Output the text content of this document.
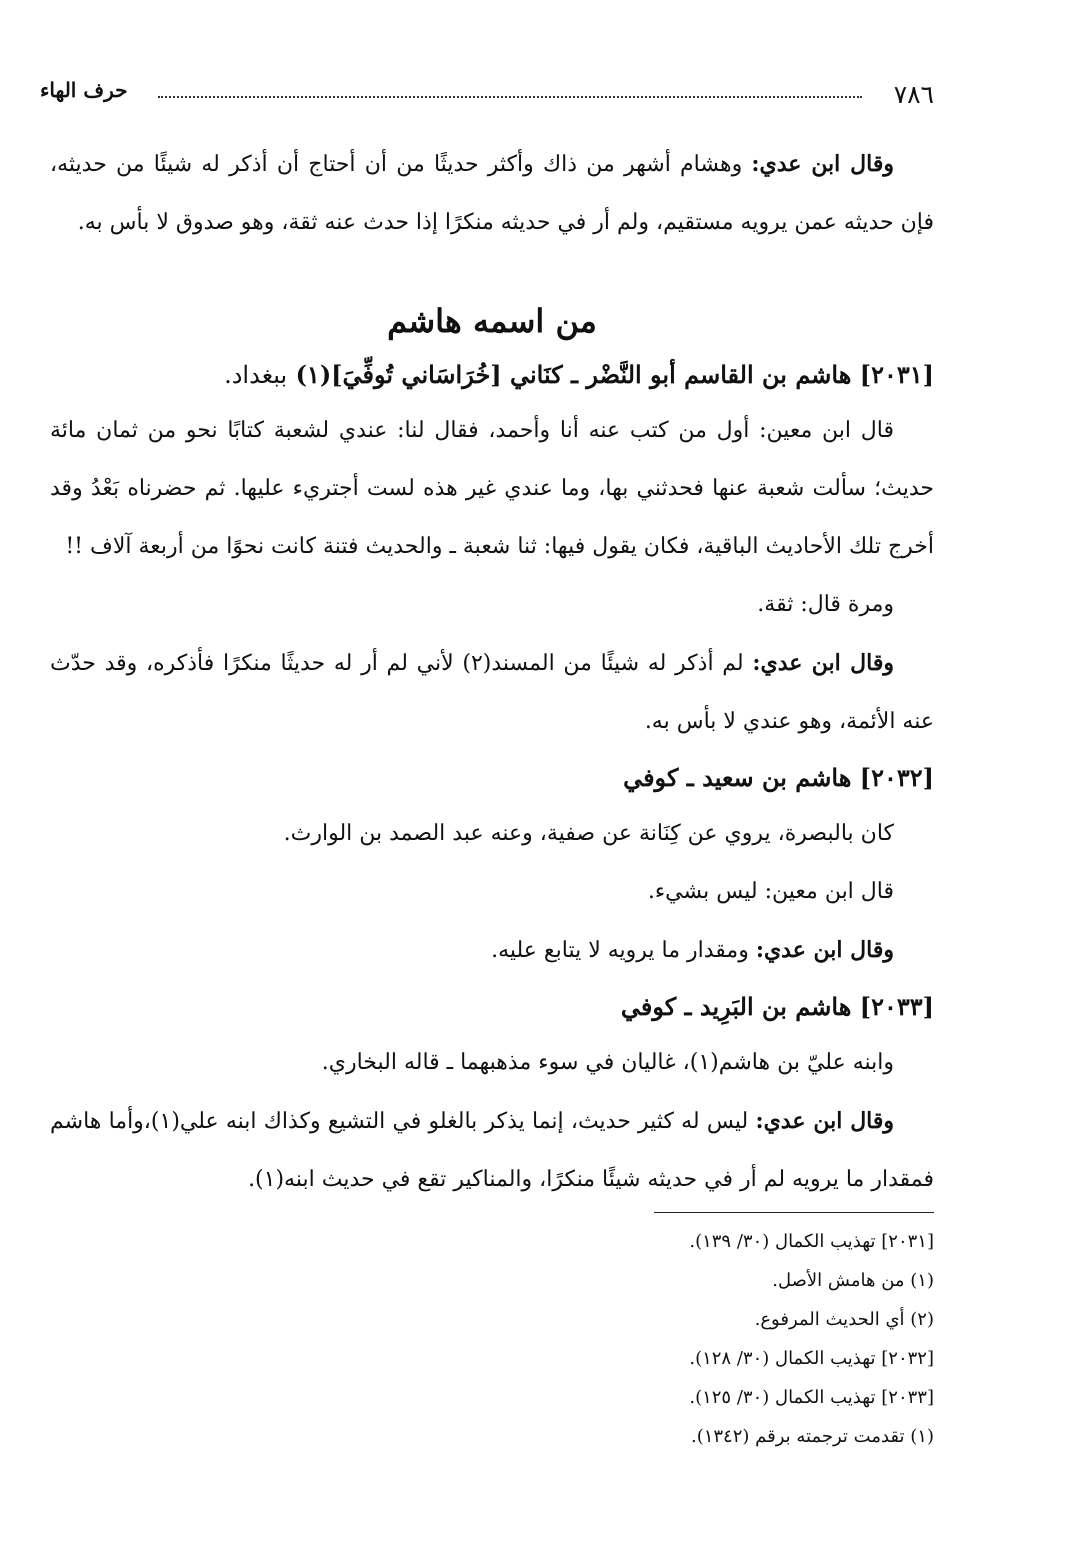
٧٨٦
حرف الهاء

وقال ابن عدي: وهشام أشهر من ذاك وأكثر حديثًا من أن أحتاج أن أذكر له شيئًا من حديثه، فإن حديثه عمن يرويه مستقيم، ولم أر في حديثه منكرًا إذا حدث عنه ثقة، وهو صدوق لا بأس به.

من اسمه هاشم

[٢٠٣١] هاشم بن القاسم أبو النَّضْر ـ كنَاني [خُرَاسَاني تُوفِّيَ](١) ببغداد.

قال ابن معين: أول من كتب عنه أنا وأحمد، فقال لنا: عندي لشعبة كتابًا نحو من ثمان مائة حديث؛ سألت شعبة عنها فحدثني بها، وما عندي غير هذه لست أجتريء عليها. ثم حضرناه بَعْدُ وقد أخرج تلك الأحاديث الباقية، فكان يقول فيها: ثنا شعبة ـ والحديث فتنة كانت نحوًا من أربعة آلاف !!

ومرة قال: ثقة.

وقال ابن عدي: لم أذكر له شيئًا من المسند(٢) لأني لم أر له حديثًا منكرًا فأذكره، وقد حدّث عنه الأئمة، وهو عندي لا بأس به.

[٢٠٣٢] هاشم بن سعيد ـ كوفي

كان بالبصرة، يروي عن كِنَانة عن صفية، وعنه عبد الصمد بن الوارث.

قال ابن معين: ليس بشيء.

وقال ابن عدي: ومقدار ما يرويه لا يتابع عليه.

[٢٠٣٣] هاشم بن البَرِيد ـ كوفي

وابنه عليّ بن هاشم(١)، غاليان في سوء مذهبهما ـ قاله البخاري.

وقال ابن عدي: ليس له كثير حديث، إنما يذكر بالغلو في التشيع وكذاك ابنه علي(١)،وأما هاشم فمقدار ما يرويه لم أر في حديثه شيئًا منكرًا، والمناكير تقع في حديث ابنه(١).

[٢٠٣١] تهذيب الكمال (٣٠/ ١٣٩).

(١) من هامش الأصل.

(٢) أي الحديث المرفوع.

[٢٠٣٢] تهذيب الكمال (٣٠/ ١٢٨).

[٢٠٣٣] تهذيب الكمال (٣٠/ ١٢٥).

(١) تقدمت ترجمته برقم (١٣٤٢).
